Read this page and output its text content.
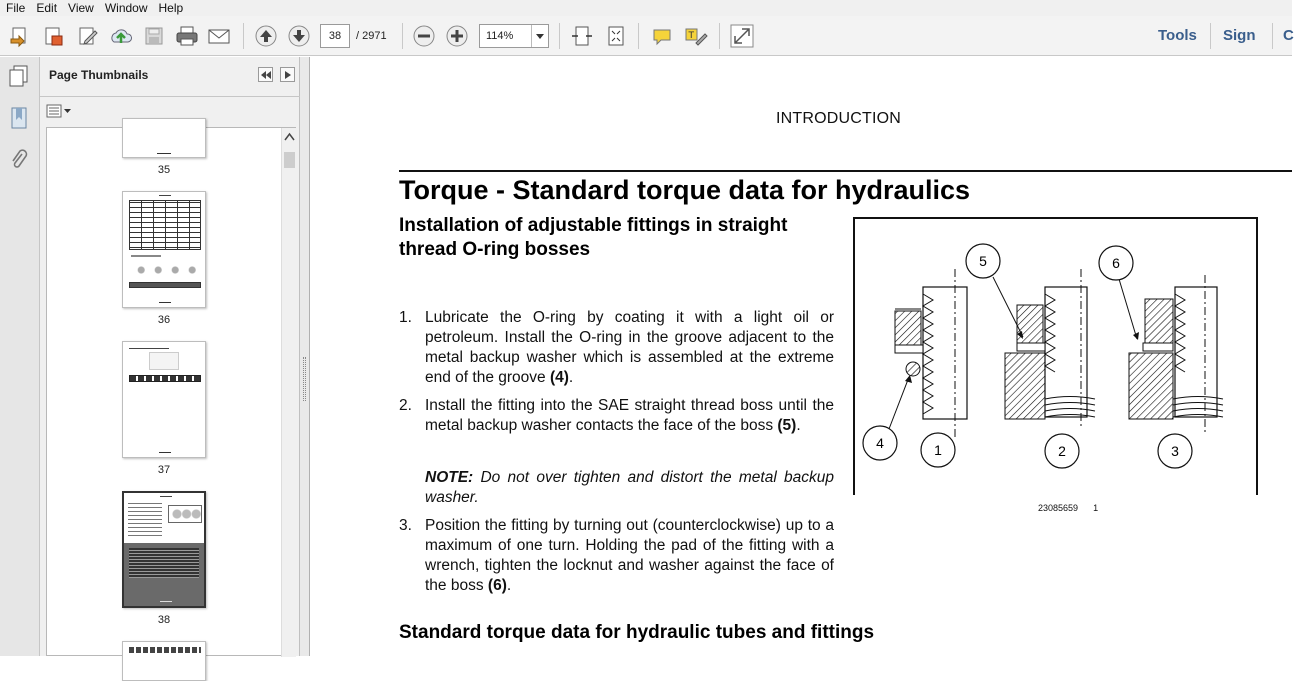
File Edit View Window Help
38	/ 2971	114%	T	Tools Sign C
Page Thumbnails
35
36
37
38
INTRODUCTION
Torque - Standard torque data for hydraulics
Installation of adjustable fittings in straight thread O-ring bosses
1. Lubricate the O-ring by coating it with a light oil or petroleum. Install the O-ring in the groove adjacent to the metal backup washer which is assembled at the extreme end of the groove (4).
2. Install the fitting into the SAE straight thread boss until the metal backup washer contacts the face of the boss (5).
NOTE: Do not over tighten and distort the metal backup washer.
3. Position the fitting by turning out (counterclockwise) up to a maximum of one turn. Holding the pad of the fitting with a wrench, tighten the locknut and washer against the face of the boss (6).
Standard torque data for hydraulic tubes and fittings
5	6
4	1	2	3
23085659 1
